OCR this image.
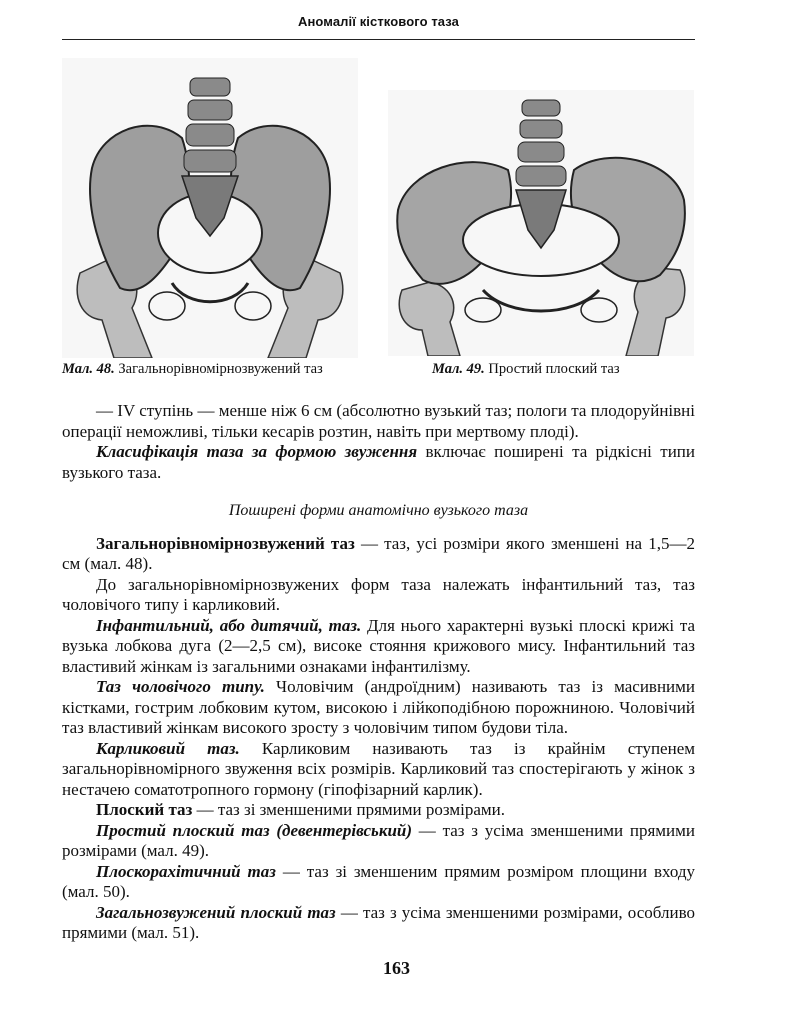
Аномалії кісткового таза
Мал. 48. Загальнорівномірнозвужений таз	Мал. 49. Простий плоский таз

— IV ступінь — менше ніж 6 см (абсолютно вузький таз; пологи та плодоруйнівні операції неможливі, тільки кесарів розтин, навіть при мертвому плоді).

Класифікація таза за формою звуження включає поширені та рідкісні типи вузького таза.

Поширені форми анатомічно вузького таза

Загальнорівномірнозвужений таз — таз, усі розміри якого зменшені на 1,5—2 см (мал. 48).

До загальнорівномірнозвужених форм таза належать інфантильний таз, таз чоловічого типу і карликовий.

Інфантильний, або дитячий, таз. Для нього характерні вузькі плоскі крижі та вузька лобкова дуга (2—2,5 см), високе стояння крижового мису. Інфантильний таз властивий жінкам із загальними ознаками інфантилізму.

Таз чоловічого типу. Чоловічим (андроїдним) називають таз із масивними кістками, гострим лобковим кутом, високою і лійкоподібною порожниною. Чоловічий таз властивий жінкам високого зросту з чоловічим типом будови тіла.

Карликовий таз. Карликовим називають таз із крайнім ступенем загальнорівномірного звуження всіх розмірів. Карликовий таз спостерігають у жінок з нестачею соматотропного гормону (гіпофізарний карлик).

Плоский таз — таз зі зменшеними прямими розмірами.

Простий плоский таз (девентерівський) — таз з усіма зменшеними прямими розмірами (мал. 49).

Плоскорахітичний таз — таз зі зменшеним прямим розміром площини входу (мал. 50).

Загальнозвужений плоский таз — таз з усіма зменшеними розмірами, особливо прямими (мал. 51).

163
